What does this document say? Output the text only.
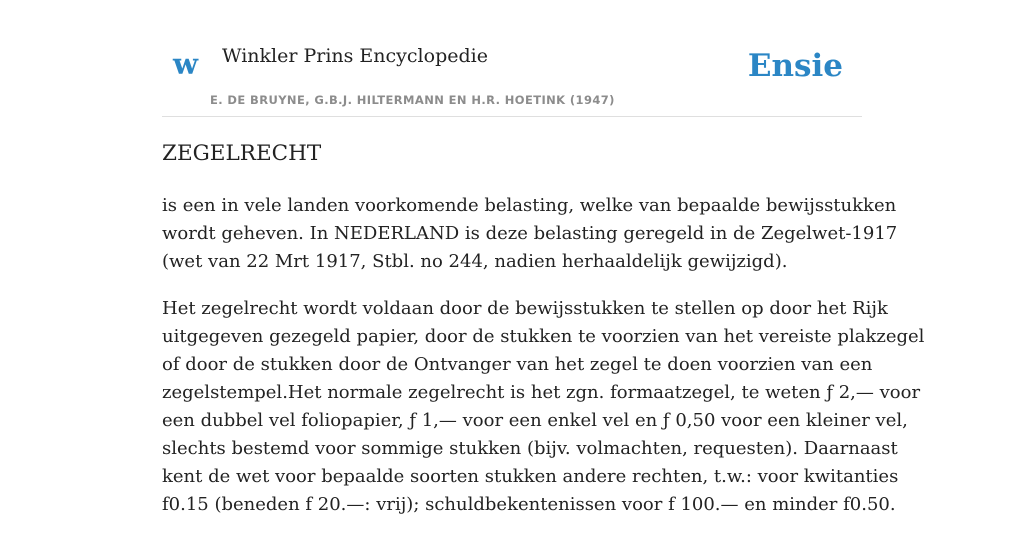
w Winkler Prins Encyclopedie
E. DE BRUYNE, G.B.J. HILTERMANN EN H.R. HOETINK (1947)
Ensie
ZEGELRECHT

is een in vele landen voorkomende belasting, welke van bepaalde bewijsstukken
wordt geheven. In NEDERLAND is deze belasting geregeld in de Zegelwet-1917
(wet van 22 Mrt 1917, Stbl. no 244, nadien herhaaldelijk gewijzigd).

Het zegelrecht wordt voldaan door de bewijsstukken te stellen op door het Rijk
uitgegeven gezegeld papier, door de stukken te voorzien van het vereiste plakzegel
of door de stukken door de Ontvanger van het zegel te doen voorzien van een
zegelstempel.Het normale zegelrecht is het zgn. formaatzegel, te weten ƒ 2,— voor
een dubbel vel foliopapier, ƒ 1,— voor een enkel vel en ƒ 0,50 voor een kleiner vel,
slechts bestemd voor sommige stukken (bijv. volmachten, requesten). Daarnaast
kent de wet voor bepaalde soorten stukken andere rechten, t.w.: voor kwitanties
f0.15 (beneden f 20.—: vrij); schuldbekentenissen voor f 100.— en minder f0.50.
